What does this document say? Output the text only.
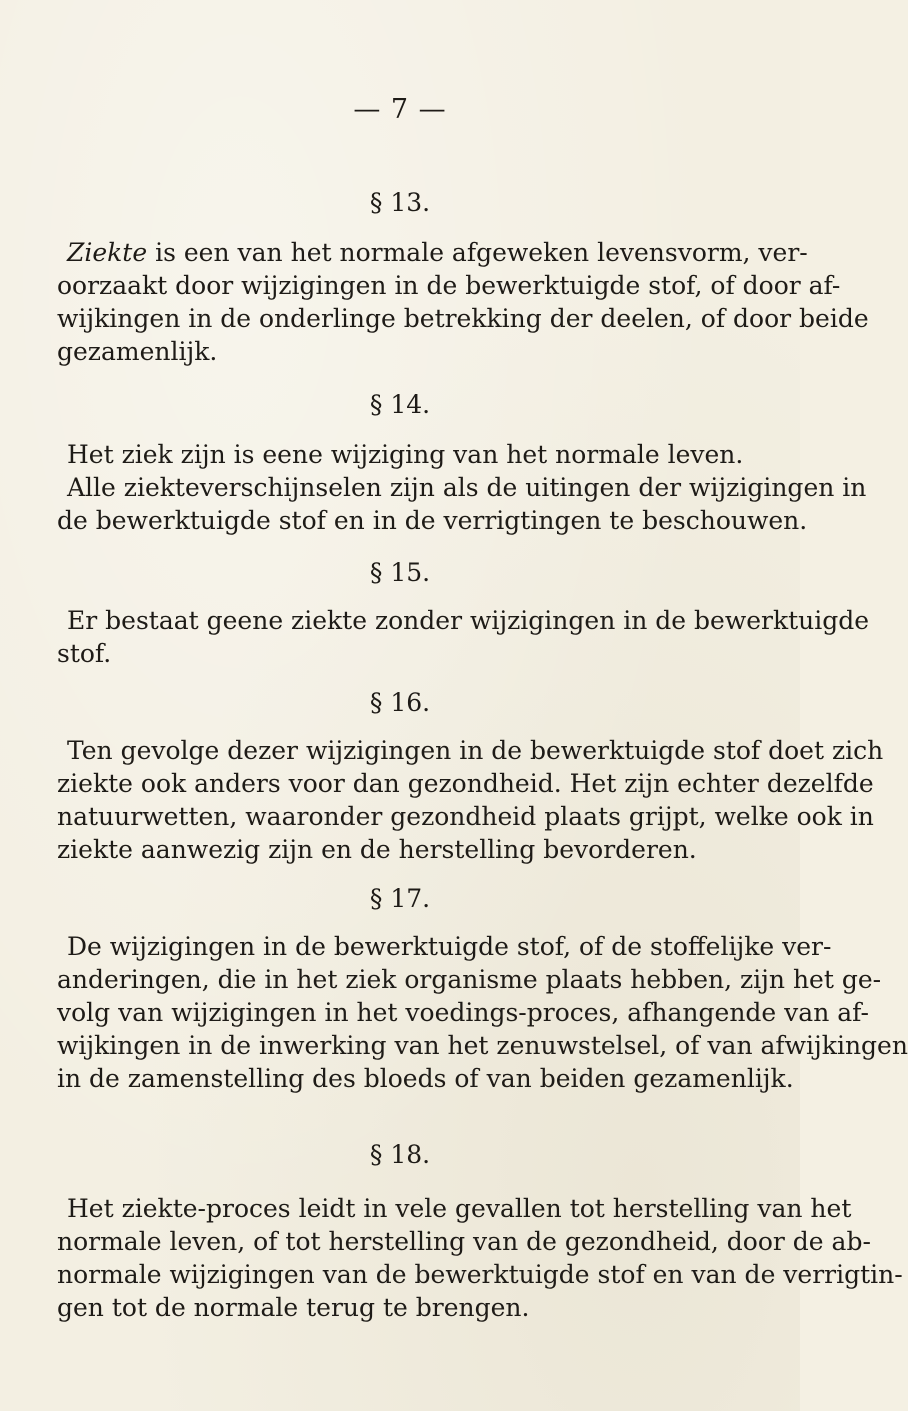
— 7 —
§ 13.

Ziekte is een van het normale afgeweken levensvorm, ver-
oorzaakt door wijzigingen in de bewerktuigde stof, of door af-
wijkingen in de onderlinge betrekking der deelen, of door beide
gezamenlijk.

§ 14.

Het ziek zijn is eene wijziging van het normale leven.
Alle ziekteverschijnselen zijn als de uitingen der wijzigingen in
de bewerktuigde stof en in de verrigtingen te beschouwen.

§ 15.

Er bestaat geene ziekte zonder wijzigingen in de bewerktuigde
stof.

§ 16.

Ten gevolge dezer wijzigingen in de bewerktuigde stof doet zich
ziekte ook anders voor dan gezondheid. Het zijn echter dezelfde
natuurwetten, waaronder gezondheid plaats grijpt, welke ook in
ziekte aanwezig zijn en de herstelling bevorderen.

§ 17.

De wijzigingen in de bewerktuigde stof, of de stoffelijke ver-
anderingen, die in het ziek organisme plaats hebben, zijn het ge-
volg van wijzigingen in het voedings-proces, afhangende van af-
wijkingen in de inwerking van het zenuwstelsel, of van afwijkingen
in de zamenstelling des bloeds of van beiden gezamenlijk.

§ 18.

Het ziekte-proces leidt in vele gevallen tot herstelling van het
normale leven, of tot herstelling van de gezondheid, door de ab-
normale wijzigingen van de bewerktuigde stof en van de verrigtin-
gen tot de normale terug te brengen.
